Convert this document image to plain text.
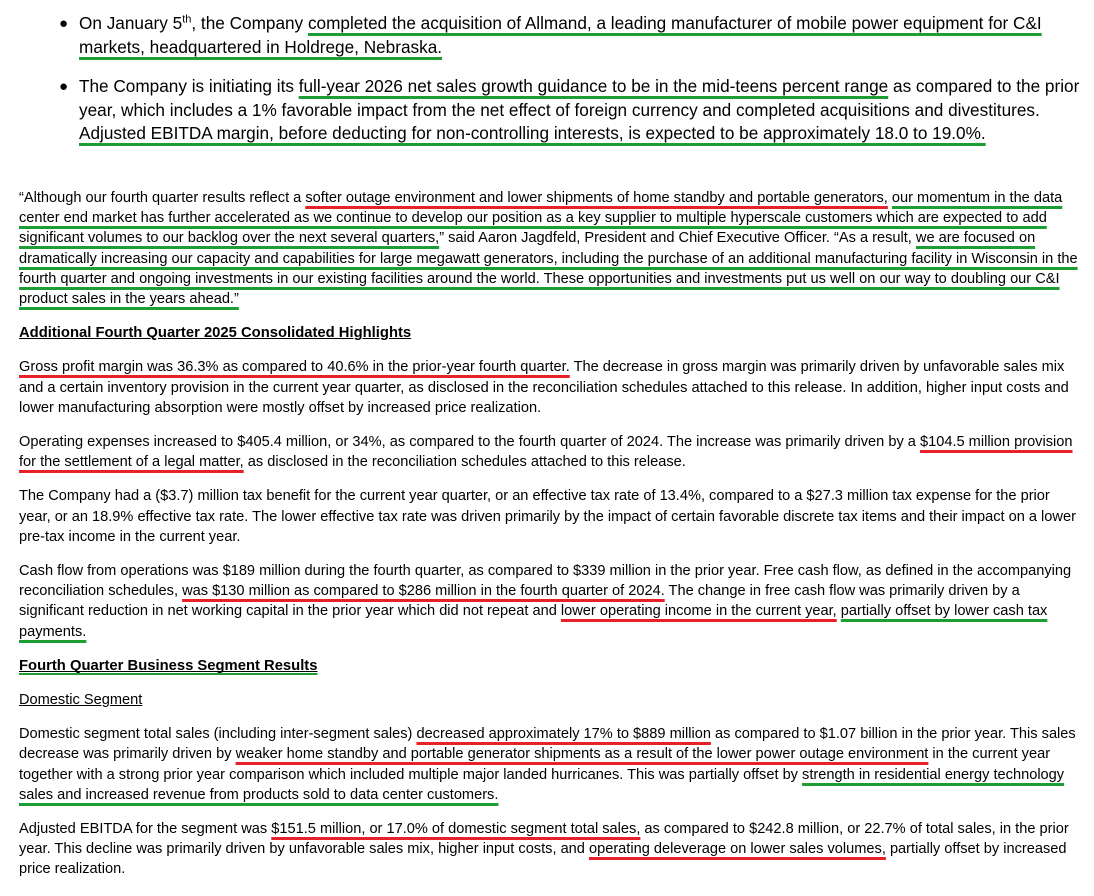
● On January 5th, the Company completed the acquisition of Allmand, a leading manufacturer of mobile power equipment for C&I markets, headquartered in Holdrege, Nebraska.
● The Company is initiating its full-year 2026 net sales growth guidance to be in the mid-teens percent range as compared to the prior year, which includes a 1% favorable impact from the net effect of foreign currency and completed acquisitions and divestitures. Adjusted EBITDA margin, before deducting for non-controlling interests, is expected to be approximately 18.0 to 19.0%.

“Although our fourth quarter results reflect a softer outage environment and lower shipments of home standby and portable generators, our momentum in the data center end market has further accelerated as we continue to develop our position as a key supplier to multiple hyperscale customers which are expected to add significant volumes to our backlog over the next several quarters,” said Aaron Jagdfeld, President and Chief Executive Officer. “As a result, we are focused on dramatically increasing our capacity and capabilities for large megawatt generators, including the purchase of an additional manufacturing facility in Wisconsin in the fourth quarter and ongoing investments in our existing facilities around the world. These opportunities and investments put us well on our way to doubling our C&I product sales in the years ahead.”

Additional Fourth Quarter 2025 Consolidated Highlights

Gross profit margin was 36.3% as compared to 40.6% in the prior-year fourth quarter. The decrease in gross margin was primarily driven by unfavorable sales mix and a certain inventory provision in the current year quarter, as disclosed in the reconciliation schedules attached to this release. In addition, higher input costs and lower manufacturing absorption were mostly offset by increased price realization.

Operating expenses increased to $405.4 million, or 34%, as compared to the fourth quarter of 2024. The increase was primarily driven by a $104.5 million provision for the settlement of a legal matter, as disclosed in the reconciliation schedules attached to this release.

The Company had a ($3.7) million tax benefit for the current year quarter, or an effective tax rate of 13.4%, compared to a $27.3 million tax expense for the prior year, or an 18.9% effective tax rate. The lower effective tax rate was driven primarily by the impact of certain favorable discrete tax items and their impact on a lower pre-tax income in the current year.

Cash flow from operations was $189 million during the fourth quarter, as compared to $339 million in the prior year. Free cash flow, as defined in the accompanying reconciliation schedules, was $130 million as compared to $286 million in the fourth quarter of 2024. The change in free cash flow was primarily driven by a significant reduction in net working capital in the prior year which did not repeat and lower operating income in the current year, partially offset by lower cash tax payments.

Fourth Quarter Business Segment Results

Domestic Segment

Domestic segment total sales (including inter-segment sales) decreased approximately 17% to $889 million as compared to $1.07 billion in the prior year. This sales decrease was primarily driven by weaker home standby and portable generator shipments as a result of the lower power outage environment in the current year together with a strong prior year comparison which included multiple major landed hurricanes. This was partially offset by strength in residential energy technology sales and increased revenue from products sold to data center customers.

Adjusted EBITDA for the segment was $151.5 million, or 17.0% of domestic segment total sales, as compared to $242.8 million, or 22.7% of total sales, in the prior year. This decline was primarily driven by unfavorable sales mix, higher input costs, and operating deleverage on lower sales volumes, partially offset by increased price realization.
